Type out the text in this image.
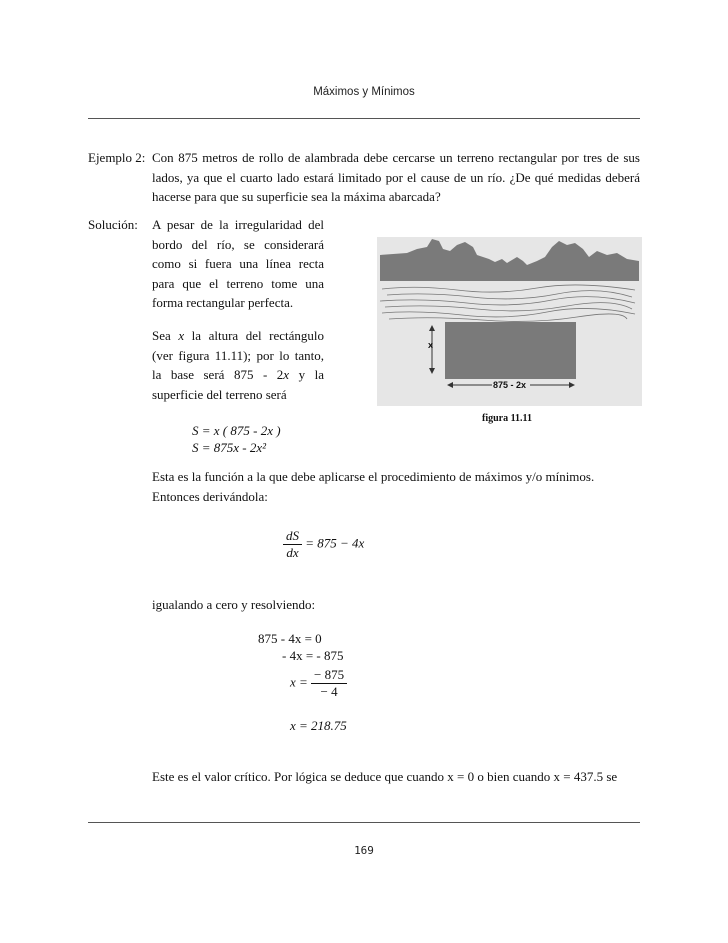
Máximos y Mínimos
Ejemplo 2: Con 875 metros de rollo de alambrada debe cercarse un terreno rectangular por tres de sus lados, ya que el cuarto lado estará limitado por el cause de un río. ¿De qué medidas deberá hacerse para que su superficie sea la máxima abarcada?
Solución: A pesar de la irregularidad del bordo del río, se considerará como si fuera una línea recta para que el terreno tome una forma rectangular perfecta.
Sea x la altura del rectángulo (ver figura 11.11); por lo tanto, la base será 875 - 2x y la superficie del terreno será
x
875 - 2x
figura 11.11
S = x ( 875 - 2x )
S = 875x - 2x²
Esta es la función a la que debe aplicarse el procedimiento de máximos y/o mínimos. Entonces derivándola:
$\frac{dS}{dx} = 875 - 4x$
igualando a cero y resolviendo:
875 - 4x = 0
- 4x = - 875
$x = \frac{- 875}{- 4}$
x = 218.75
Este es el valor crítico. Por lógica se deduce que cuando x = 0 o bien cuando x = 437.5 se
169
